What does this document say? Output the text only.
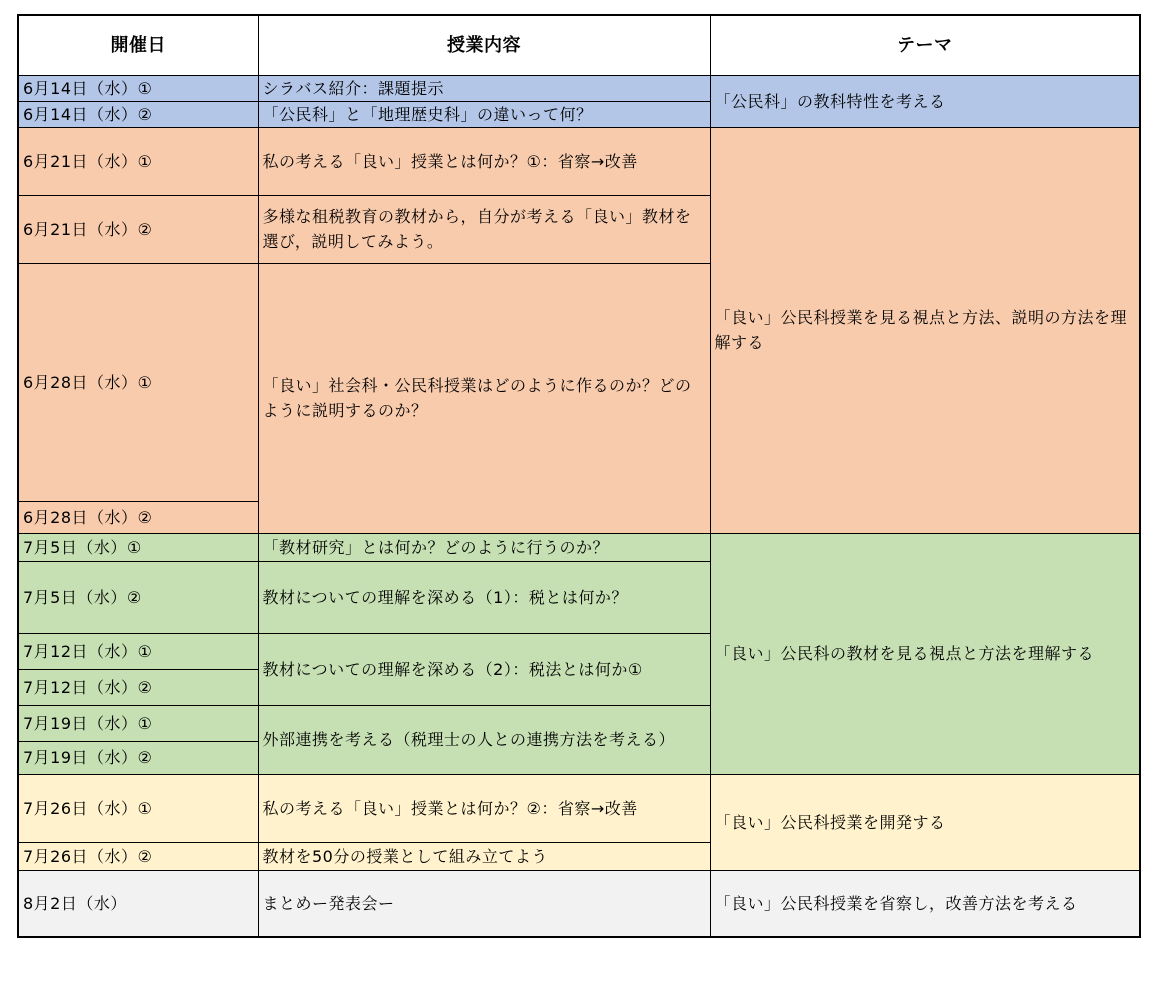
開催日	授業内容	テーマ
6月14日（水）①	シラバス紹介：課題提示	「公民科」の教科特性を考える
6月14日（水）②	「公民科」と「地理歴史科」の違いって何？	
6月21日（水）①	私の考える「良い」授業とは何か？①：省察→改善	「良い」公民科授業を見る視点と方法、説明の方法を理解する
6月21日（水）②	多様な租税教育の教材から，自分が考える「良い」教材を選び，説明してみよう。	
6月28日（水）①	「良い」社会科・公民科授業はどのように作るのか？どのように説明するのか？	
6月28日（水）②		
7月5日（水）①	「教材研究」とは何か？どのように行うのか？	「良い」公民科の教材を見る視点と方法を理解する
7月5日（水）②	教材についての理解を深める（1）：税とは何か？	
7月12日（水）①	教材についての理解を深める（2）：税法とは何か①	
7月12日（水）②		
7月19日（水）①	外部連携を考える（税理士の人との連携方法を考える）	
7月19日（水）②		
7月26日（水）①	私の考える「良い」授業とは何か？②：省察→改善	「良い」公民科授業を開発する
7月26日（水）②	教材を50分の授業として組み立てよう	
8月2日（水）	まとめー発表会ー	「良い」公民科授業を省察し，改善方法を考える
